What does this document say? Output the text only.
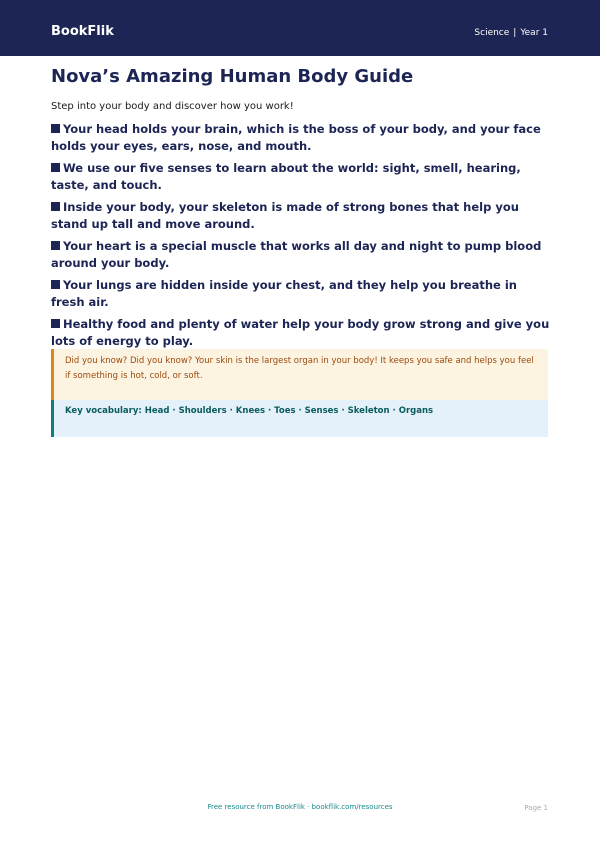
BookFlik	Science | Year 1
Nova’s Amazing Human Body Guide

Step into your body and discover how you work!

Your head holds your brain, which is the boss of your body, and your face holds your eyes, ears, nose, and mouth.
We use our five senses to learn about the world: sight, smell, hearing, taste, and touch.
Inside your body, your skeleton is made of strong bones that help you stand up tall and move around.
Your heart is a special muscle that works all day and night to pump blood around your body.
Your lungs are hidden inside your chest, and they help you breathe in fresh air.
Healthy food and plenty of water help your body grow strong and give you lots of energy to play.
Did you know? Did you know? Your skin is the largest organ in your body! It keeps you safe and helps you feel if something is hot, cold, or soft.
Key vocabulary: Head · Shoulders · Knees · Toes · Senses · Skeleton · Organs
Free resource from BookFlik · bookflik.com/resources	Page 1
